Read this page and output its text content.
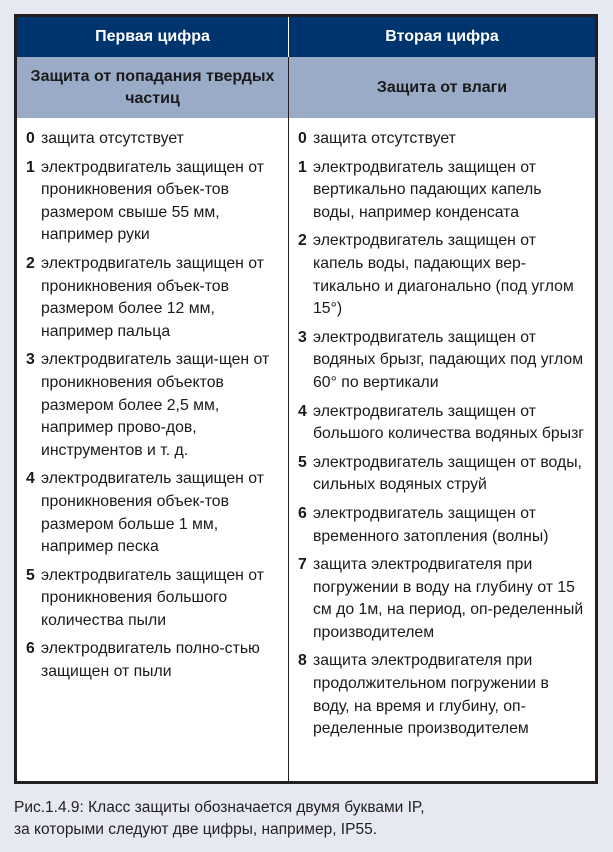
Первая цифра	Вторая цифра
Защита от попадания твердых частиц
Защита от влаги
0 защита отсутствует
1 электродвигатель защищен от проникновения объек-тов размером свыше 55 мм, например руки
2 электродвигатель защищен от проникновения объек-тов размером более 12 мм, например пальца
3 электродвигатель защи-щен от проникновения объектов размером более 2,5 мм, например прово-дов, инструментов и т. д.
4 электродвигатель защищен от проникновения объек-тов размером больше 1 мм, например песка
5 электродвигатель защищен от проникновения большого количества пыли
6 электродвигатель полно-стью защищен от пыли
0 защита отсутствует
1 электродвигатель защищен от вертикально падающих капель воды, например конденсата
2 электродвигатель защищен от капель воды, падающих вер-тикально и диагонально (под углом 15°)
3 электродвигатель защищен от водяных брызг, падающих под углом 60° по вертикали
4 электродвигатель защищен от большого количества водяных брызг
5 электродвигатель защищен от воды, сильных водяных струй
6 электродвигатель защищен от временного затопления (волны)
7 защита электродвигателя при погружении в воду на глубину от 15 см до 1м, на период, оп-ределенный производителем
8 защита электродвигателя при продолжительном погружении в воду, на время и глубину, оп-ределенные производителем
Рис.1.4.9: Класс защиты обозначается двумя буквами IP,
за которыми следуют две цифры, например, IP55.
